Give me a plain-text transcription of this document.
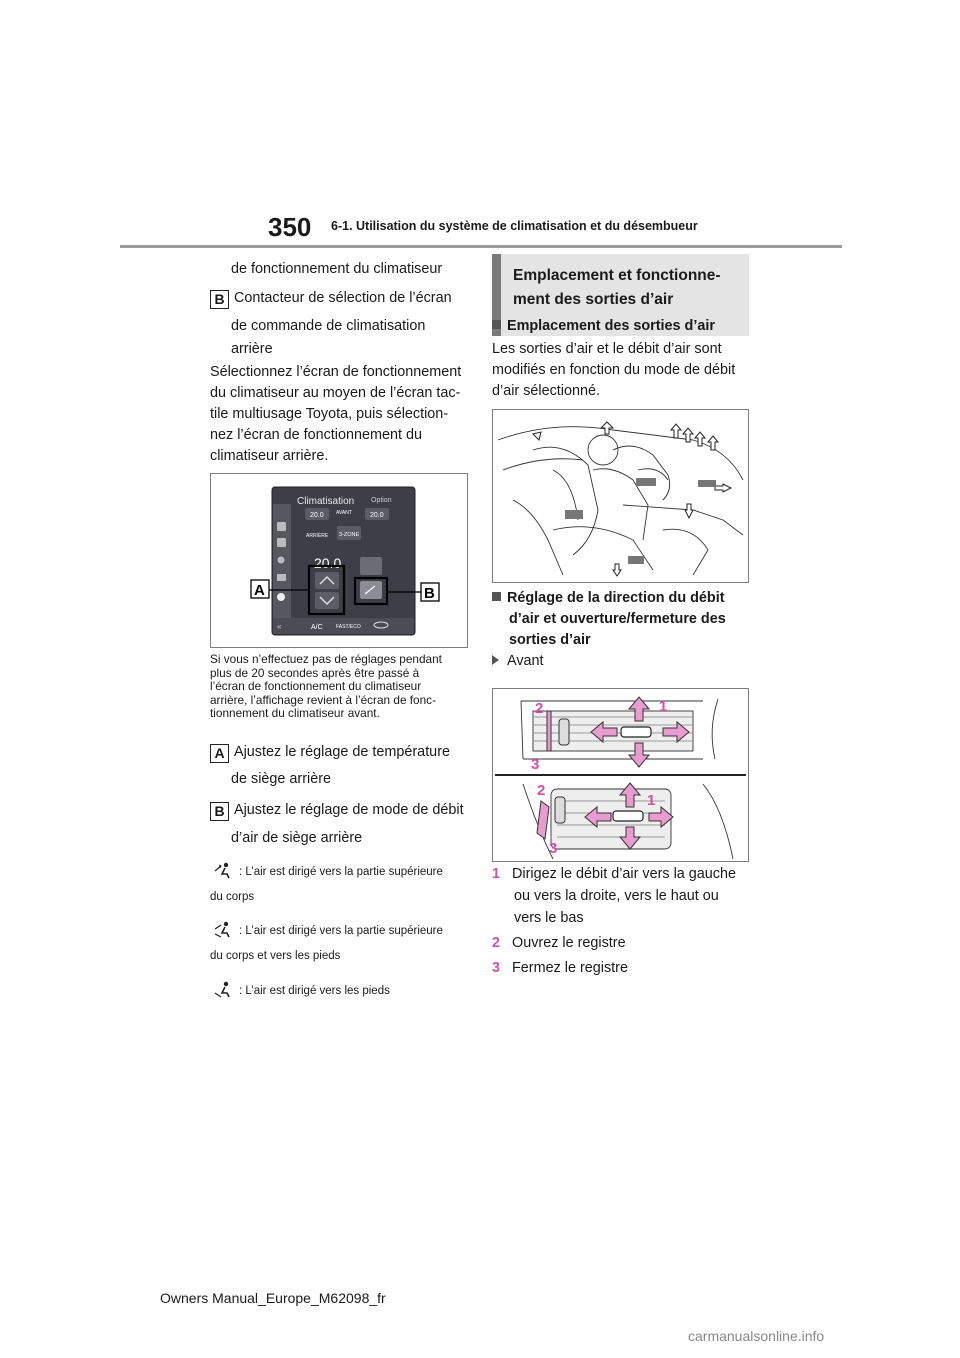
350 6-1. Utilisation du système de climatisation et du désembueur
de fonctionnement du climatiseur
B Contacteur de sélection de l’écran
de commande de climatisation
arrière
Sélectionnez l’écran de fonctionnement
du climatiseur au moyen de l’écran tac-
tile multiusage Toyota, puis sélection-
nez l’écran de fonctionnement du
climatiseur arrière.
Climatisation Option
AVANT
20.0	20.0
ARRIÈRE 3-ZONE
20.0
«	A/C	FAST/ECO
A	B
Si vous n’effectuez pas de réglages pendant
plus de 20 secondes après être passé à
l’écran de fonctionnement du climatiseur
arrière, l’affichage revient à l’écran de fonc-
tionnement du climatiseur avant.
A Ajustez le réglage de température
de siège arrière
B Ajustez le réglage de mode de débit
d’air de siège arrière
: L’air est dirigé vers la partie supérieure
du corps
: L’air est dirigé vers la partie supérieure
du corps et vers les pieds
: L’air est dirigé vers les pieds
Emplacement et fonctionne-
ment des sorties d’air
Emplacement des sorties d’air
Les sorties d’air et le débit d’air sont
modifiés en fonction du mode de débit
d’air sélectionné.
Réglage de la direction du débit
d’air et ouverture/fermeture des
sorties d’air
Avant
2	1
3
2
1
3
1 Dirigez le débit d’air vers la gauche
ou vers la droite, vers le haut ou
vers le bas
2 Ouvrez le registre
3 Fermez le registre
Owners Manual_Europe_M62098_fr
carmanualsonline.info
